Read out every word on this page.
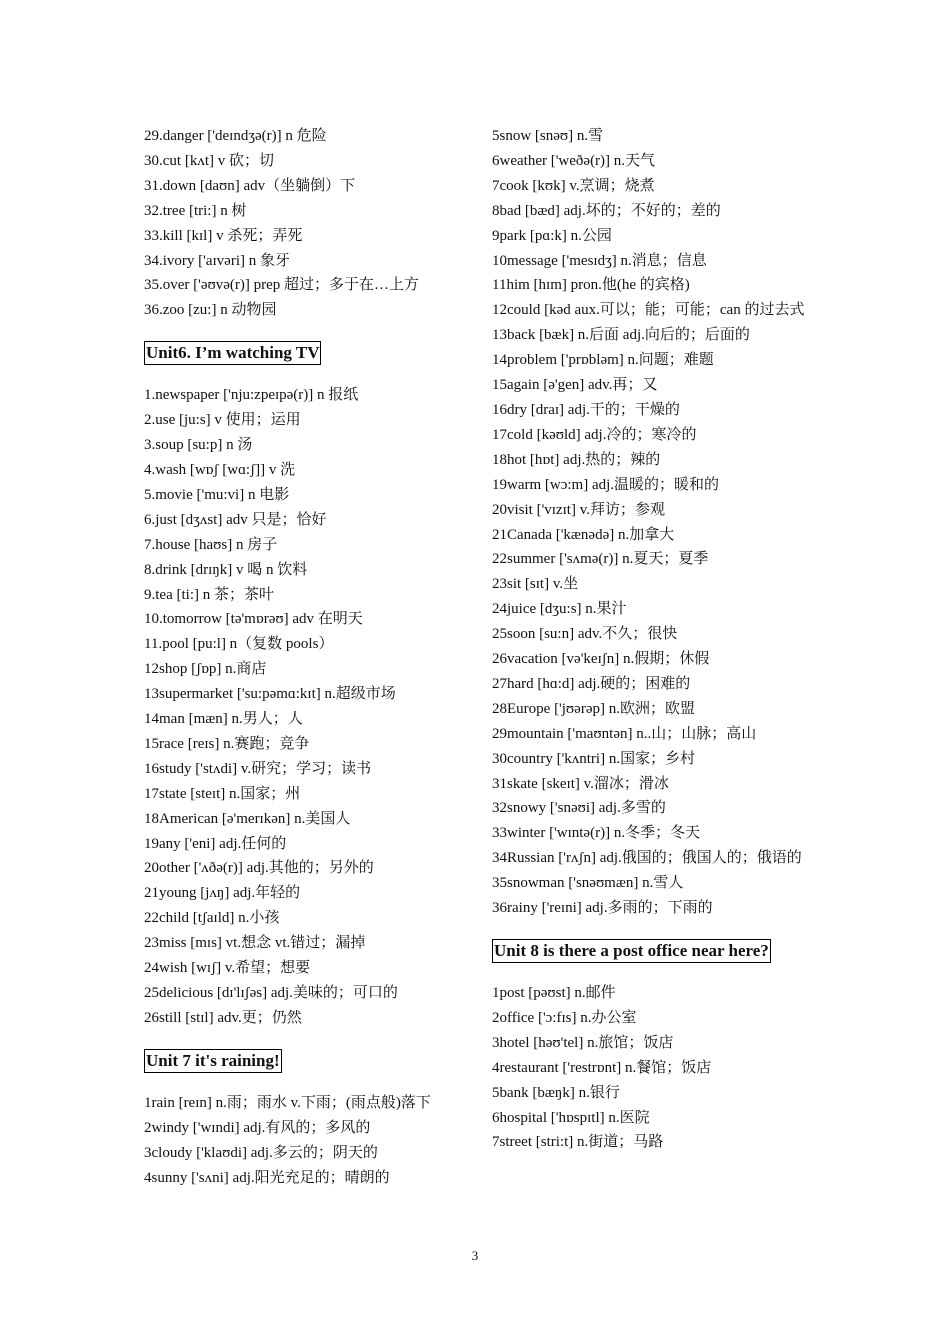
29.danger ['deɪndʒə(r)] n 危险
30.cut [kʌt] v 砍；切
31.down [daʊn] adv（坐躺倒）下
32.tree [tri:] n 树
33.kill [kɪl] v 杀死；弄死
34.ivory ['aɪvəri] n 象牙
35.over ['əʊvə(r)] prep 超过；多于在…上方
36.zoo [zu:] n 动物园
Unit6. I’m watching TV
1.newspaper ['nju:zpeɪpə(r)] n 报纸
2.use [ju:s] v 使用；运用
3.soup [su:p] n 汤
4.wash [wɒʃ [wɑ:ʃ]] v 洗
5.movie ['mu:vi] n 电影
6.just [dʒʌst] adv 只是；恰好
7.house [haʊs] n 房子
8.drink [drɪŋk] v 喝 n 饮料
9.tea [ti:] n 茶；茶叶
10.tomorrow [tə'mɒrəʊ] adv 在明天
11.pool [pu:l] n（复数 pools）
12shop [ʃɒp] n.商店
13supermarket ['su:pəmɑ:kɪt] n.超级市场
14man [mæn] n.男人；人
15race [reɪs] n.赛跑；竞争
16study ['stʌdi] v.研究；学习；读书
17state [steɪt] n.国家；州
18American [ə'merɪkən] n.美国人
19any ['eni] adj.任何的
20other ['ʌðə(r)] adj.其他的；另外的
21young [jʌŋ] adj.年轻的
22child [tʃaɪld] n.小孩
23miss [mɪs] vt.想念 vt.错过；漏掉
24wish [wɪʃ] v.希望；想要
25delicious [dɪ'lɪʃəs] adj.美味的；可口的
26still [stɪl] adv.更；仍然
Unit 7 it's raining!
1rain [reɪn] n.雨；雨水 v.下雨；(雨点般)落下
2windy ['wɪndi] adj.有风的；多风的
3cloudy ['klaʊdi] adj.多云的；阴天的
4sunny ['sʌni] adj.阳光充足的；晴朗的
5snow [snəʊ] n.雪
6weather ['weðə(r)] n.天气
7cook [kʊk] v.烹调；烧煮
8bad [bæd] adj.坏的；不好的；差的
9park [pɑ:k] n.公园
10message ['mesɪdʒ] n.消息；信息
11him [hɪm] pron.他(he 的宾格)
12could [kəd aux.可以；能；可能；can 的过去式
13back [bæk] n.后面 adj.向后的；后面的
14problem ['prɒbləm] n.问题；难题
15again [ə'gen] adv.再；又
16dry [draɪ] adj.干的；干燥的
17cold [kəʊld] adj.冷的；寒冷的
18hot [hɒt] adj.热的；辣的
19warm [wɔ:m] adj.温暖的；暖和的
20visit ['vɪzɪt] v.拜访；参观
21Canada ['kænədə] n.加拿大
22summer ['sʌmə(r)] n.夏天；夏季
23sit [sɪt] v.坐
24juice [dʒu:s] n.果汁
25soon [su:n] adv.不久；很快
26vacation [və'keɪʃn] n.假期；休假
27hard [hɑ:d] adj.硬的；困难的
28Europe ['jʊərəp] n.欧洲；欧盟
29mountain ['maʊntən] n..山；山脉；高山
30country ['kʌntri] n.国家；乡村
31skate [skeɪt] v.溜冰；滑冰
32snowy ['snəʊi] adj.多雪的
33winter ['wɪntə(r)] n.冬季；冬天
34Russian ['rʌʃn] adj.俄国的；俄国人的；俄语的
35snowman ['snəʊmæn] n.雪人
36rainy ['reɪni] adj.多雨的；下雨的
Unit 8 is there a post office near here?
1post [pəʊst] n.邮件
2office ['ɔ:fɪs] n.办公室
3hotel [həʊ'tel] n.旅馆；饭店
4restaurant ['restrɒnt] n.餐馆；饭店
5bank [bæŋk] n.银行
6hospital ['hɒspɪtl] n.医院
7street [stri:t] n.街道；马路
3
